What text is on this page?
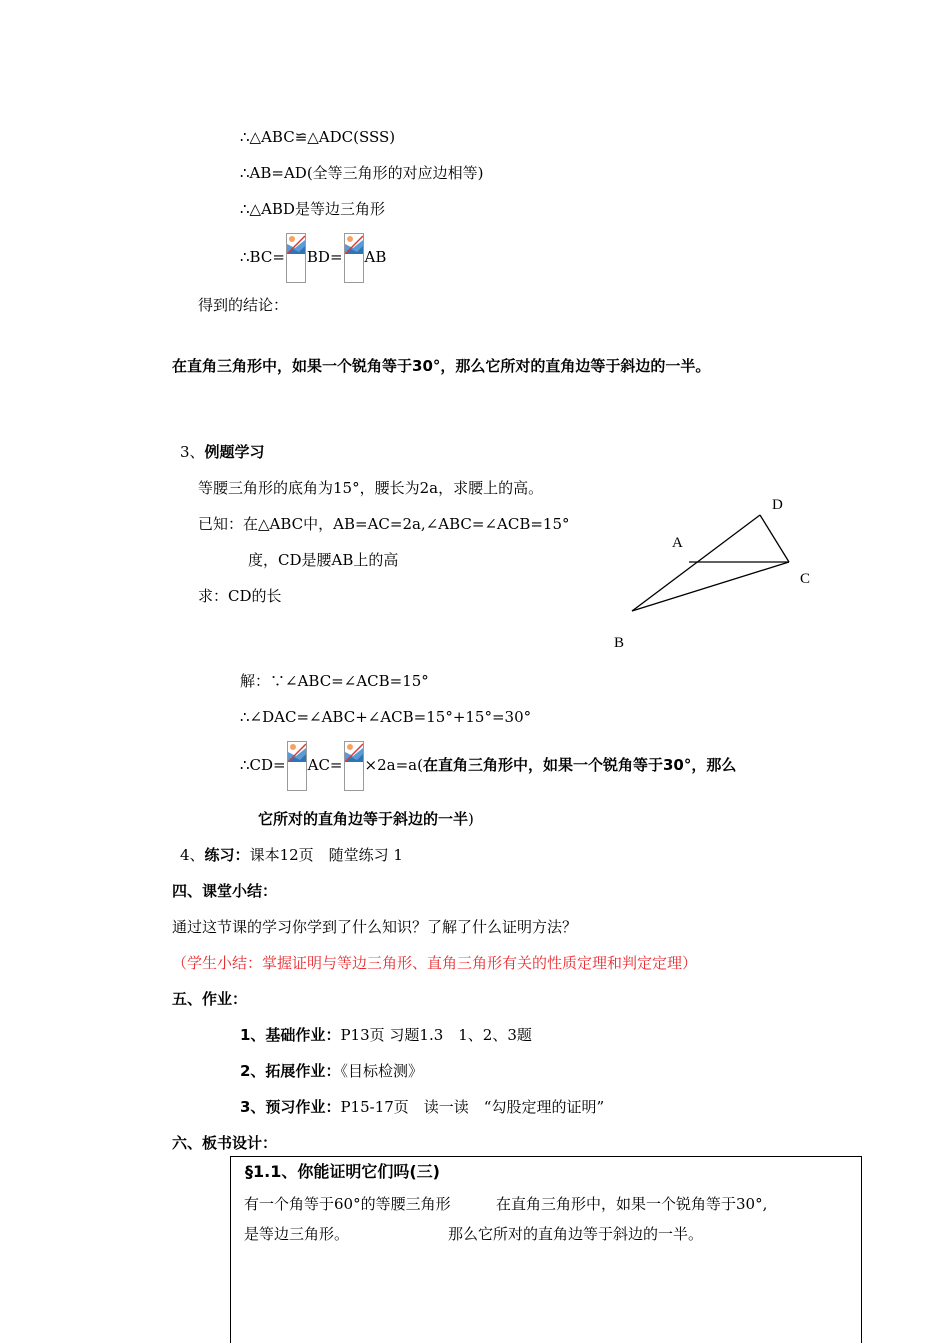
∴△ABC≌△ADC(SSS)
∴AB=AD(全等三角形的对应边相等)
∴△ABD是等边三角形
∴BC= BD= AB
得到的结论：
在直角三角形中，如果一个锐角等于30°，那么它所对的直角边等于斜边的一半。
3、例题学习
等腰三角形的底角为15°，腰长为2a，求腰上的高。
已知：在△ABC中，AB=AC=2a,∠ABC=∠ACB=15°
度，CD是腰AB上的高
求：CD的长
D
A
C
B
解：∵∠ABC=∠ACB=15°
∴∠DAC=∠ABC+∠ACB=15°+15°=30°
∴CD= AC= ×2a=a(在直角三角形中，如果一个锐角等于30°，那么
它所对的直角边等于斜边的一半)
4、练习：课本12页　随堂练习 1
四、课堂小结：
通过这节课的学习你学到了什么知识？了解了什么证明方法？
（学生小结：掌握证明与等边三角形、直角三角形有关的性质定理和判定定理）
五、作业：
1、基础作业：P13页 习题1.3　1、2、3题
2、拓展作业：《目标检测》
3、预习作业：P15-17页　读一读　“勾股定理的证明”
六、板书设计：
§1.1、你能证明它们吗(三)
有一个角等于60°的等腰三角形
是等边三角形。
在直角三角形中，如果一个锐角等于30°,
那么它所对的直角边等于斜边的一半。
